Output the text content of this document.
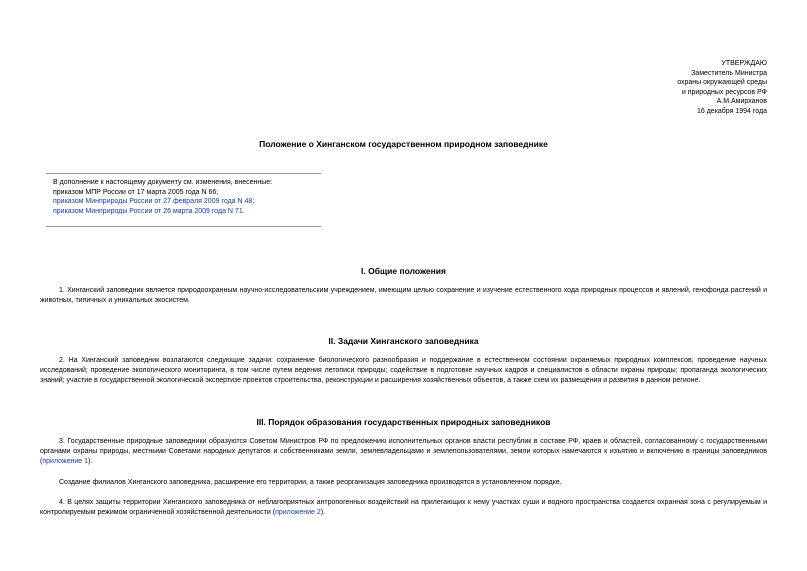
УТВЕРЖДАЮ
Заместитель Министра
охраны окружающей среды
и природных ресурсов РФ
А.М.Амирханов
16 декабря 1994 года
Положение о Хинганском государственном природном заповеднике
В дополнение к настоящему документу см. изменения, внесенные:
приказом МПР России от 17 марта 2005 года N 66;
приказом Минприроды России от 27 февраля 2009 года N 48;
приказом Минприроды России от 26 марта 2009 года N 71.
I. Общие положения
1. Хинганский заповедник является природоохранным научно-исследовательским учреждением, имеющим целью сохранение и изучение естественного хода природных процессов и явлений, генофонда растений и животных, типичных и уникальных экосистем.
II. Задачи Хинганского заповедника
2. На Хинганский заповедник возлагаются следующие задачи: сохранение биологического разнообразия и поддержание в естественном состоянии охраняемых природных комплексов; проведение научных исследований; проведение экологического мониторинга, в том числе путем ведения летописи природы; содействие в подготовке научных кадров и специалистов в области охраны природы; пропаганда экологических знаний; участие в государственной экологической экспертизе проектов строительства, реконструкции и расширения хозяйственных объектов, а также схем их размещения и развития в данном регионе.
III. Порядок образования государственных природных заповедников
3. Государственные природные заповедники образуются Советом Министров РФ по предложению исполнительных органов власти республик в составе РФ, краев и областей, согласованному с государственными органами охраны природы, местными Советами народных депутатов и собственниками земли, землевладельцами и землепользователями, земли которых намечаются к изъятию и включению в границы заповедников (приложение 1).
Создание филиалов Хинганского заповедника, расширение его территории, а также реорганизация заповедника производятся в установленном порядке.
4. В целях защиты территории Хинганского заповедника от неблагоприятных антропогенных воздействий на прилегающих к нему участках суши и водного пространства создается охранная зона с регулируемым и контролируемым режимом ограниченной хозяйственной деятельности (приложение 2).
